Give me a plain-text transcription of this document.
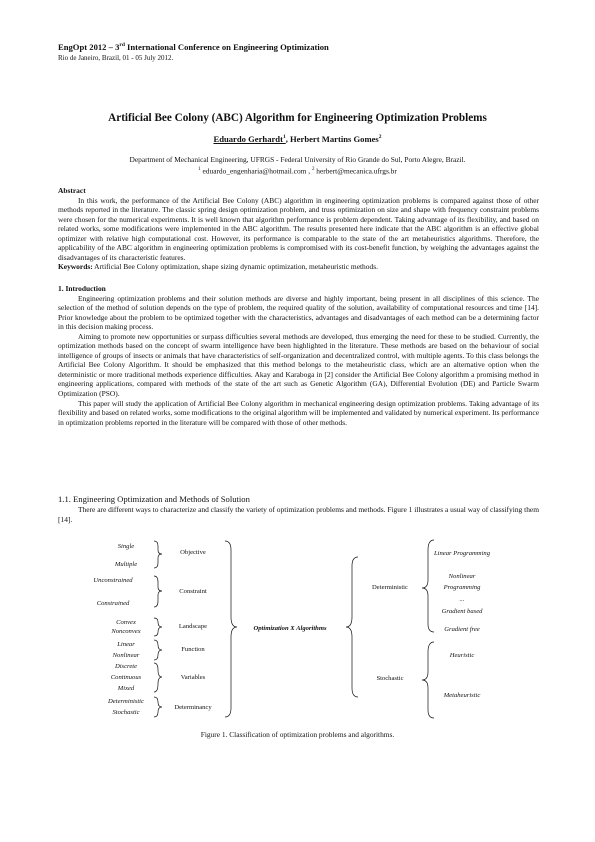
EngOpt 2012 – 3rd International Conference on Engineering Optimization
Rio de Janeiro, Brazil, 01 - 05 July 2012.
Artificial Bee Colony (ABC) Algorithm for Engineering Optimization Problems
Eduardo Gerhardt$^1$, Herbert Martins Gomes$^2$
Department of Mechanical Engineering, UFRGS - Federal University of Rio Grande do Sul, Porto Alegre, Brazil.
$^1$ eduardo_engenharia@hotmail.com , $^2$ herbert@mecanica.ufrgs.br
Abstract

In this work, the performance of the Artificial Bee Colony (ABC) algorithm in engineering optimization problems is compared against those of other methods reported in the literature. The classic spring design optimization problem, and truss optimization on size and shape with frequency constraint problems were chosen for the numerical experiments. It is well known that algorithm performance is problem dependent. Taking advantage of its flexibility, and based on related works, some modifications were implemented in the ABC algorithm. The results presented here indicate that the ABC algorithm is an effective global optimizer with relative high computational cost. However, its performance is comparable to the state of the art metaheuristics algorithms. Therefore, the applicability of the ABC algorithm in engineering optimization problems is compromised with its cost-benefit function, by weighing the advantages against the disadvantages of its characteristic features.

Keywords: Artificial Bee Colony optimization, shape sizing dynamic optimization, metaheuristic methods.

1. Introduction

Engineering optimization problems and their solution methods are diverse and highly important, being present in all disciplines of this science. The selection of the method of solution depends on the type of problem, the required quality of the solution, availability of computational resources and time [14]. Prior knowledge about the problem to be optimized together with the characteristics, advantages and disadvantages of each method can be a determining factor in this decision making process.

Aiming to promote new opportunities or surpass difficulties several methods are developed, thus emerging the need for these to be studied. Currently, the optimization methods based on the concept of swarm intelligence have been highlighted in the literature. These methods are based on the behaviour of social intelligence of groups of insects or animals that have characteristics of self-organization and decentralized control, with multiple agents. To this class belongs the Artificial Bee Colony Algorithm. It should be emphasized that this method belongs to the metaheuristic class, which are an alternative option when the deterministic or more traditional methods experience difficulties. Akay and Karaboga in [2] consider the Artificial Bee Colony algorithm a promising method in engineering applications, compared with methods of the state of the art such as Genetic Algorithm (GA), Differential Evolution (DE) and Particle Swarm Optimization (PSO).

This paper will study the application of Artificial Bee Colony algorithm in mechanical engineering design optimization problems. Taking advantage of its flexibility and based on related works, some modifications to the original algorithm will be implemented and validated by numerical experiment. Its performance in optimization problems reported in the literature will be compared with those of other methods.

1.1. Engineering Optimization and Methods of Solution

There are different ways to characterize and classify the variety of optimization problems and methods. Figure 1 illustrates a usual way of classifying them [14].

Single
Multiple
Unconstrained
Constrained
Convex
Nonconvex
Linear
Nonlinear
Discrete
Continuous
Mixed
Deterministic
Stochastic
Objective
Constraint
Landscape
Function
Variables
Determinancy
Optimization X Algorithms
Deterministic
Stochastic
Linear Programming
Nonlinear
Programming
...
Gradient based
Gradient free
Heuristic
Metaheuristic
Figure 1. Classification of optimization problems and algorithms.
